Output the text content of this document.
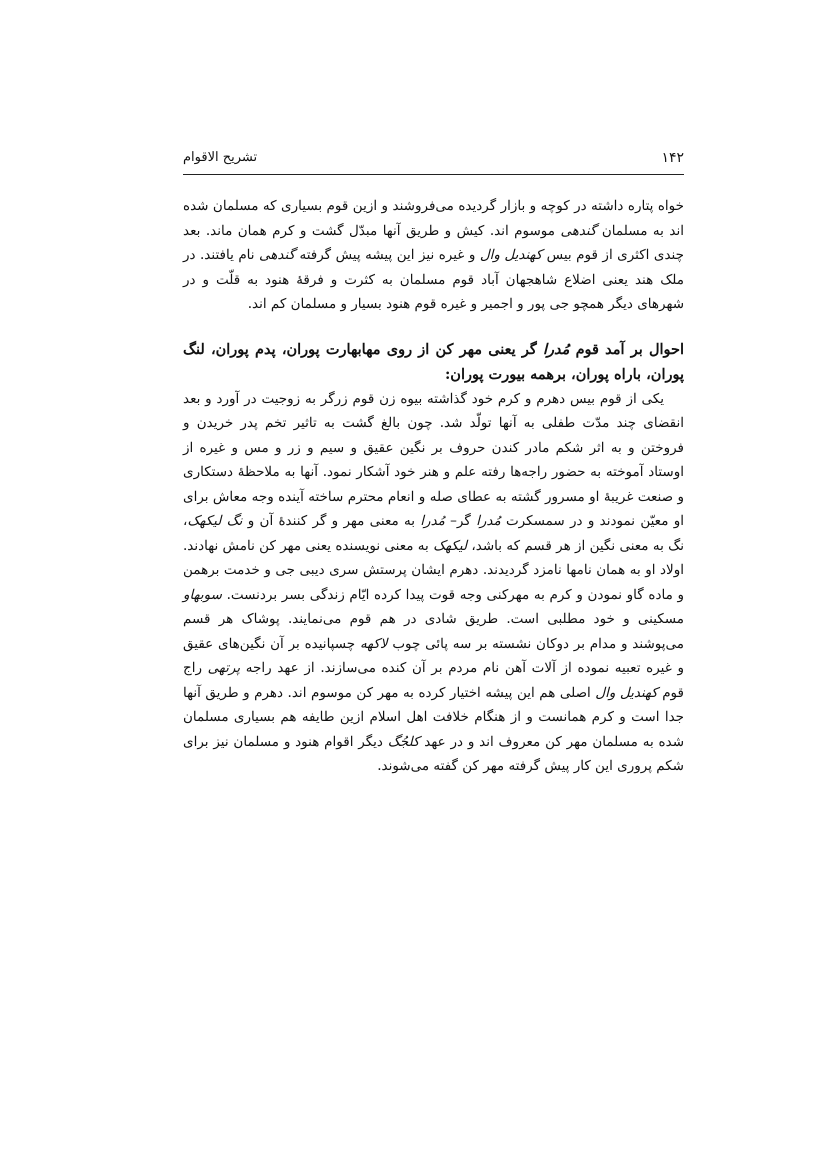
۱۴۲
تشریح الاقوام

خواه پتاره داشته در کوچه و بازار گردیده می‌فروشند و ازین قوم بسیاری که مسلمان شده اند به مسلمان گندهی موسوم اند. کیش و طریق آنها مبدّل گشت و کرم همان ماند. بعد چندی اکثری از قوم بیس کهندیل وال و غیره نیز این پیشه پیش گرفته گندهی نام یافتند. در ملک هند یعنی اضلاع شاهجهان آباد قوم مسلمان به کثرت و فرقهٔ هنود به قلّت و در شهرهای دیگر همچو جی پور و اجمیر و غیره قوم هنود بسیار و مسلمان کم اند.

احوال بر آمد قوم مُدرا گر یعنی مهر کن از روی مهابهارت پوران، پدم پوران، لنگ پوران، باراه پوران، برهمه بیورت پوران:

یکی از قوم بیس دهرم و کرم خود گذاشته بیوه زن قوم زرگر به زوجیت در آورد و بعد انقضای چند مدّت طفلی به آنها تولّد شد. چون بالغ گشت به تاثیر تخم پدر خریدن و فروختن و به اثر شکم مادر کندن حروف بر نگین عقیق و سیم و زر و مس و غیره از اوستاد آموخته به حضور راجه‌ها رفته علم و هنر خود آشکار نمود. آنها به ملاحظهٔ دستکاری و صنعت غریبهٔ او مسرور گشته به عطای صله و انعام محترم ساخته آینده وجه معاش برای او معیّن نمودند و در سمسکرت مُدرا گر– مُدرا به معنی مهر و گر کنندهٔ آن و نگ لیکهک، نگ به معنی نگین از هر قسم که باشد، لیکهک به معنی نویسنده یعنی مهر کن نامش نهادند. اولاد او به همان نامها نامزد گردیدند. دهرم ایشان پرستش سری دیبی جی و خدمت برهمن و ماده گاو نمودن و کرم به مهرکنی وجه قوت پیدا کرده ایّام زندگی بسر بردنست. سوبهاو مسکینی و خود مطلبی است. طریق شادی در هم قوم می‌نمایند. پوشاک هر قسم می‌پوشند و مدام بر دوکان نشسته بر سه پائی چوب لاکهه چسپانیده بر آن نگین‌های عقیق و غیره تعبیه نموده از آلات آهن نام مردم بر آن کنده می‌سازند. از عهد راجه پرتهی راج قوم کهندیل وال اصلی هم این پیشه اختیار کرده به مهر کن موسوم اند. دهرم و طریق آنها جدا است و کرم همانست و از هنگام خلافت اهل اسلام ازین طایفه هم بسیاری مسلمان شده به مسلمان مهر کن معروف اند و در عهد کلجُگ دیگر اقوام هنود و مسلمان نیز برای شکم پروری این کار پیش گرفته مهر کن گفته می‌شوند.
